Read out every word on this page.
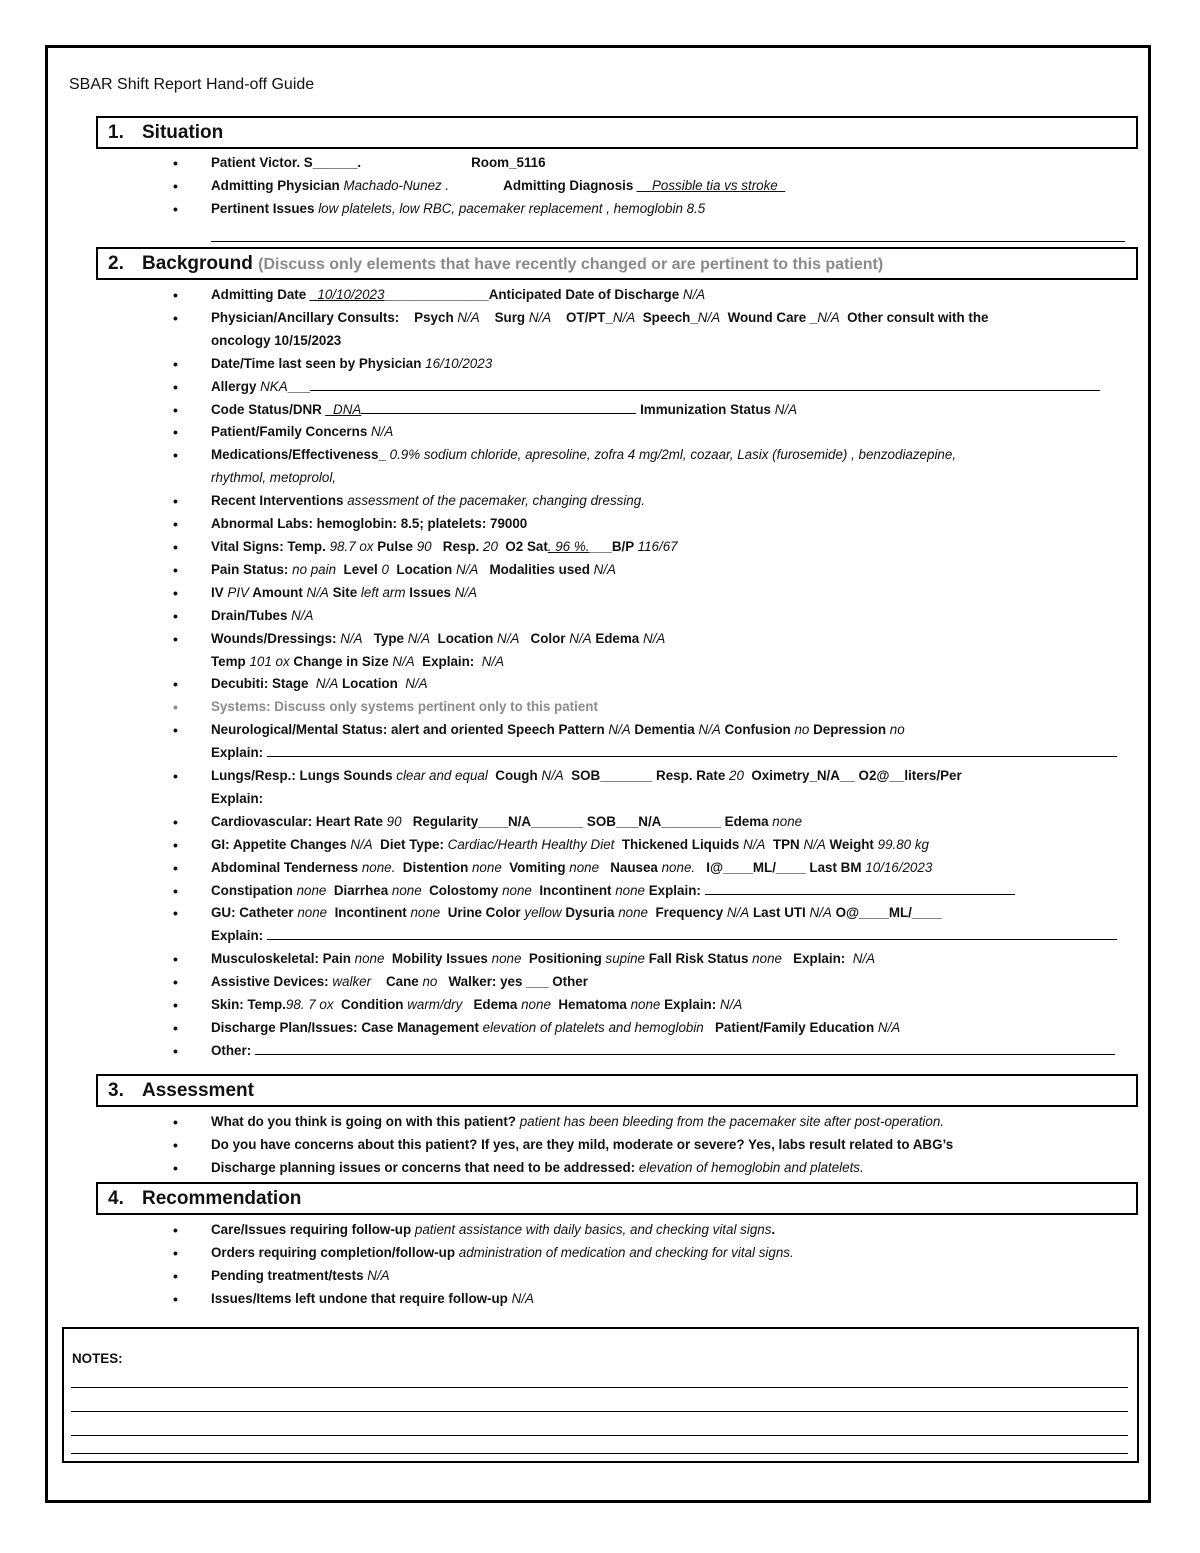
SBAR Shift Report Hand-off Guide
1. Situation
• Patient Victor. S______.	Room_5116
• Admitting Physician Machado-Nunez .	Admitting Diagnosis __Possible tia vs stroke_
• Pertinent Issues low platelets, low RBC, pacemaker replacement , hemoglobin 8.5
2. Background (Discuss only elements that have recently changed or are pertinent to this patient)
• Admitting Date _10/10/2023______________Anticipated Date of Discharge N/A
• Physician/Ancillary Consults: Psych N/A Surg N/A OT/PT_N/A Speech_N/A Wound Care _N/A Other consult with the
oncology 10/15/2023
• Date/Time last seen by Physician 16/10/2023
• Allergy NKA___
• Code Status/DNR _DNA	Immunization Status N/A
• Patient/Family Concerns N/A
• Medications/Effectiveness_ 0.9% sodium chloride, apresoline, zofra 4 mg/2ml, cozaar, Lasix (furosemide) , benzodiazepine,
rhythmol, metoprolol,
• Recent Interventions assessment of the pacemaker, changing dressing.
• Abnormal Labs: hemoglobin: 8.5; platelets: 79000
• Vital Signs: Temp. 98.7 ox Pulse 90 Resp. 20 O2 Sat. 96 %.___B/P 116/67
• Pain Status: no pain Level 0 Location N/A Modalities used N/A
• IV PIV Amount N/A Site left arm Issues N/A
• Drain/Tubes N/A
• Wounds/Dressings: N/A Type N/A Location N/A Color N/A Edema N/A
Temp 101 ox Change in Size N/A Explain: N/A
• Decubiti: Stage N/A Location N/A
• Systems: Discuss only systems pertinent only to this patient
• Neurological/Mental Status: alert and oriented Speech Pattern N/A Dementia N/A Confusion no Depression no
Explain:
• Lungs/Resp.: Lungs Sounds clear and equal Cough N/A SOB_______ Resp. Rate 20 Oximetry_N/A__ O2@__liters/Per
Explain:
• Cardiovascular: Heart Rate 90 Regularity____N/A_______ SOB___N/A________ Edema none
• GI: Appetite Changes N/A Diet Type: Cardiac/Hearth Healthy Diet Thickened Liquids N/A TPN N/A Weight 99.80 kg
• Abdominal Tenderness none. Distention none Vomiting none Nausea none. I@____ML/____ Last BM 10/16/2023
• Constipation none Diarrhea none Colostomy none Incontinent none Explain:
• GU: Catheter none Incontinent none Urine Color yellow Dysuria none Frequency N/A Last UTI N/A O@____ML/____
Explain:
• Musculoskeletal: Pain none Mobility Issues none Positioning supine Fall Risk Status none Explain: N/A
• Assistive Devices: walker Cane no Walker: yes ___ Other
• Skin: Temp.98. 7 ox Condition warm/dry Edema none Hematoma none Explain: N/A
• Discharge Plan/Issues: Case Management elevation of platelets and hemoglobin Patient/Family Education N/A
• Other:
3. Assessment
• What do you think is going on with this patient? patient has been bleeding from the pacemaker site after post-operation.
• Do you have concerns about this patient? If yes, are they mild, moderate or severe? Yes, labs result related to ABG’s
• Discharge planning issues or concerns that need to be addressed: elevation of hemoglobin and platelets.
4. Recommendation
• Care/Issues requiring follow-up patient assistance with daily basics, and checking vital signs.
• Orders requiring completion/follow-up administration of medication and checking for vital signs.
• Pending treatment/tests N/A
• Issues/Items left undone that require follow-up N/A
NOTES:
